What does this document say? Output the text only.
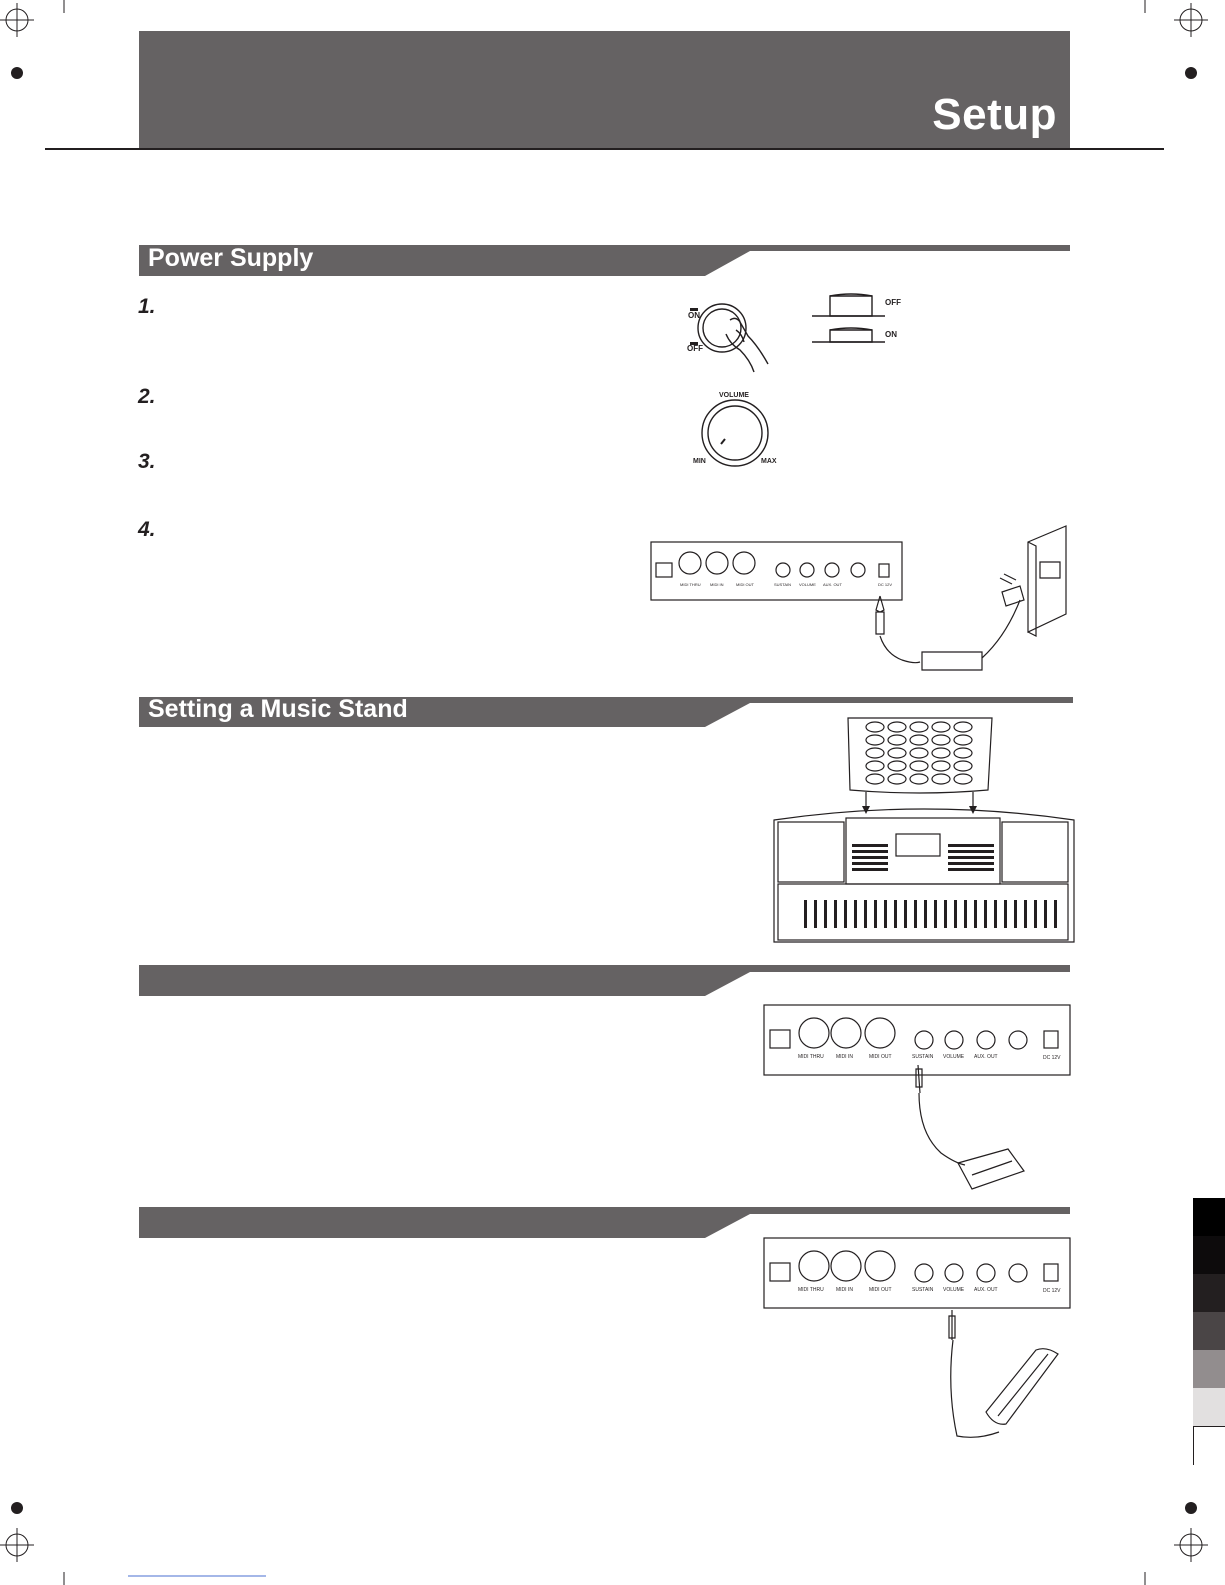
Setup
Power Supply
Setting a Music Stand
1.
2.
3.
4.
ON
OFF
OFF
ON
VOLUME
MIN	MAX
MIDI THRU MIDI IN	MIDI OUT	SUSTAIN VOLUME AUX. OUT	DC 12V
MIDI THRU MIDI IN	MIDI OUT	SUSTAIN VOLUME AUX. OUT	DC 12V
MIDI THRU MIDI IN	MIDI OUT	SUSTAIN VOLUME AUX. OUT	DC 12V
